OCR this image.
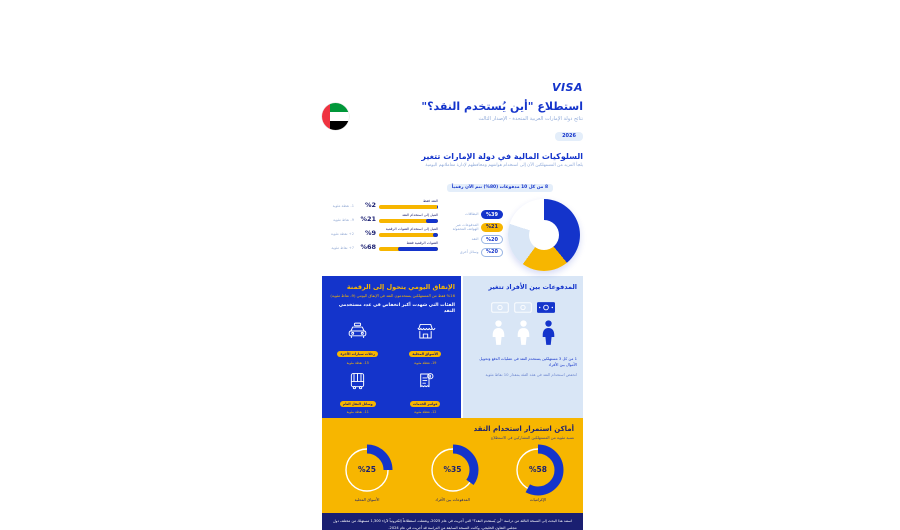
VISA
استطلاع "أين يُستخدم النقد؟"
نتائج دولة الإمارات العربية المتحدة - الإصدار الثالث
2026
السلوكيات المالية في دولة الإمارات تتغير
يلجأ المزيد من المستهلكين الآن إلى استخدام هواتفهم ومحافظهم لإدارة معاملاتهم اليومية
8 من كل 10 مدفوعات (80%) تتم الآن رقمياً
1- نقطة مئوية	%2	النقد فقط
9- نقاط مئوية %21	الميل إلى استخدام النقد
2+ نقطة مئوية	%9	الميل إلى استخدام القنوات الرقمية
7+ نقاط مئوية %68	القنوات الرقمية فقط
البطاقات	%39
المدفوعات عبر الهواتف المحمولة	%21
النقد	%20
وسائل أخرى	%20
الإنفاق اليومي يتحول إلى الرقمنة
%16 فقط من المستهلكين يستخدمون النقد في الإنفاق اليومي (9- نقاط مئوية)
الفئات التي شهدت أكبر انخفاض في عدد مستخدمي النقد
الأسواق المحلية
19- نقطة مئوية
رحلات سيارات الأجرة
15- نقطة مئوية
فواتير الخدمات
12- نقطة مئوية
وسائل النقل العام
11- نقطة مئوية
المدفوعات بين الأفراد تتغير
1 من كل 3 مستهلكين يستخدم النقد في عمليات الدفع وتحويل الأموال بين الأفراد
انخفض استخدام النقد في هذه الفئة بمقدار 10 نقاط مئوية
أماكن استمرار استخدام النقد
نسبة مئوية من المستهلكين المشاركين في الاستطلاع
%58
الإكراميات
%35
المدفوعات بين الأفراد
%25
الأسواق المحلية
استند هذا البحث إلى النسخة الثالثة من دراسة "أين يُستخدم النقد؟" التي أجريت في عام 2025، وشملت استطلاعاً إلكترونياً لآراء 1,300 مستهلك من مختلف دول مجلس التعاون الخليجي، وكانت النسخة السابقة من الدراسة قد أجريت في عام 2024.
